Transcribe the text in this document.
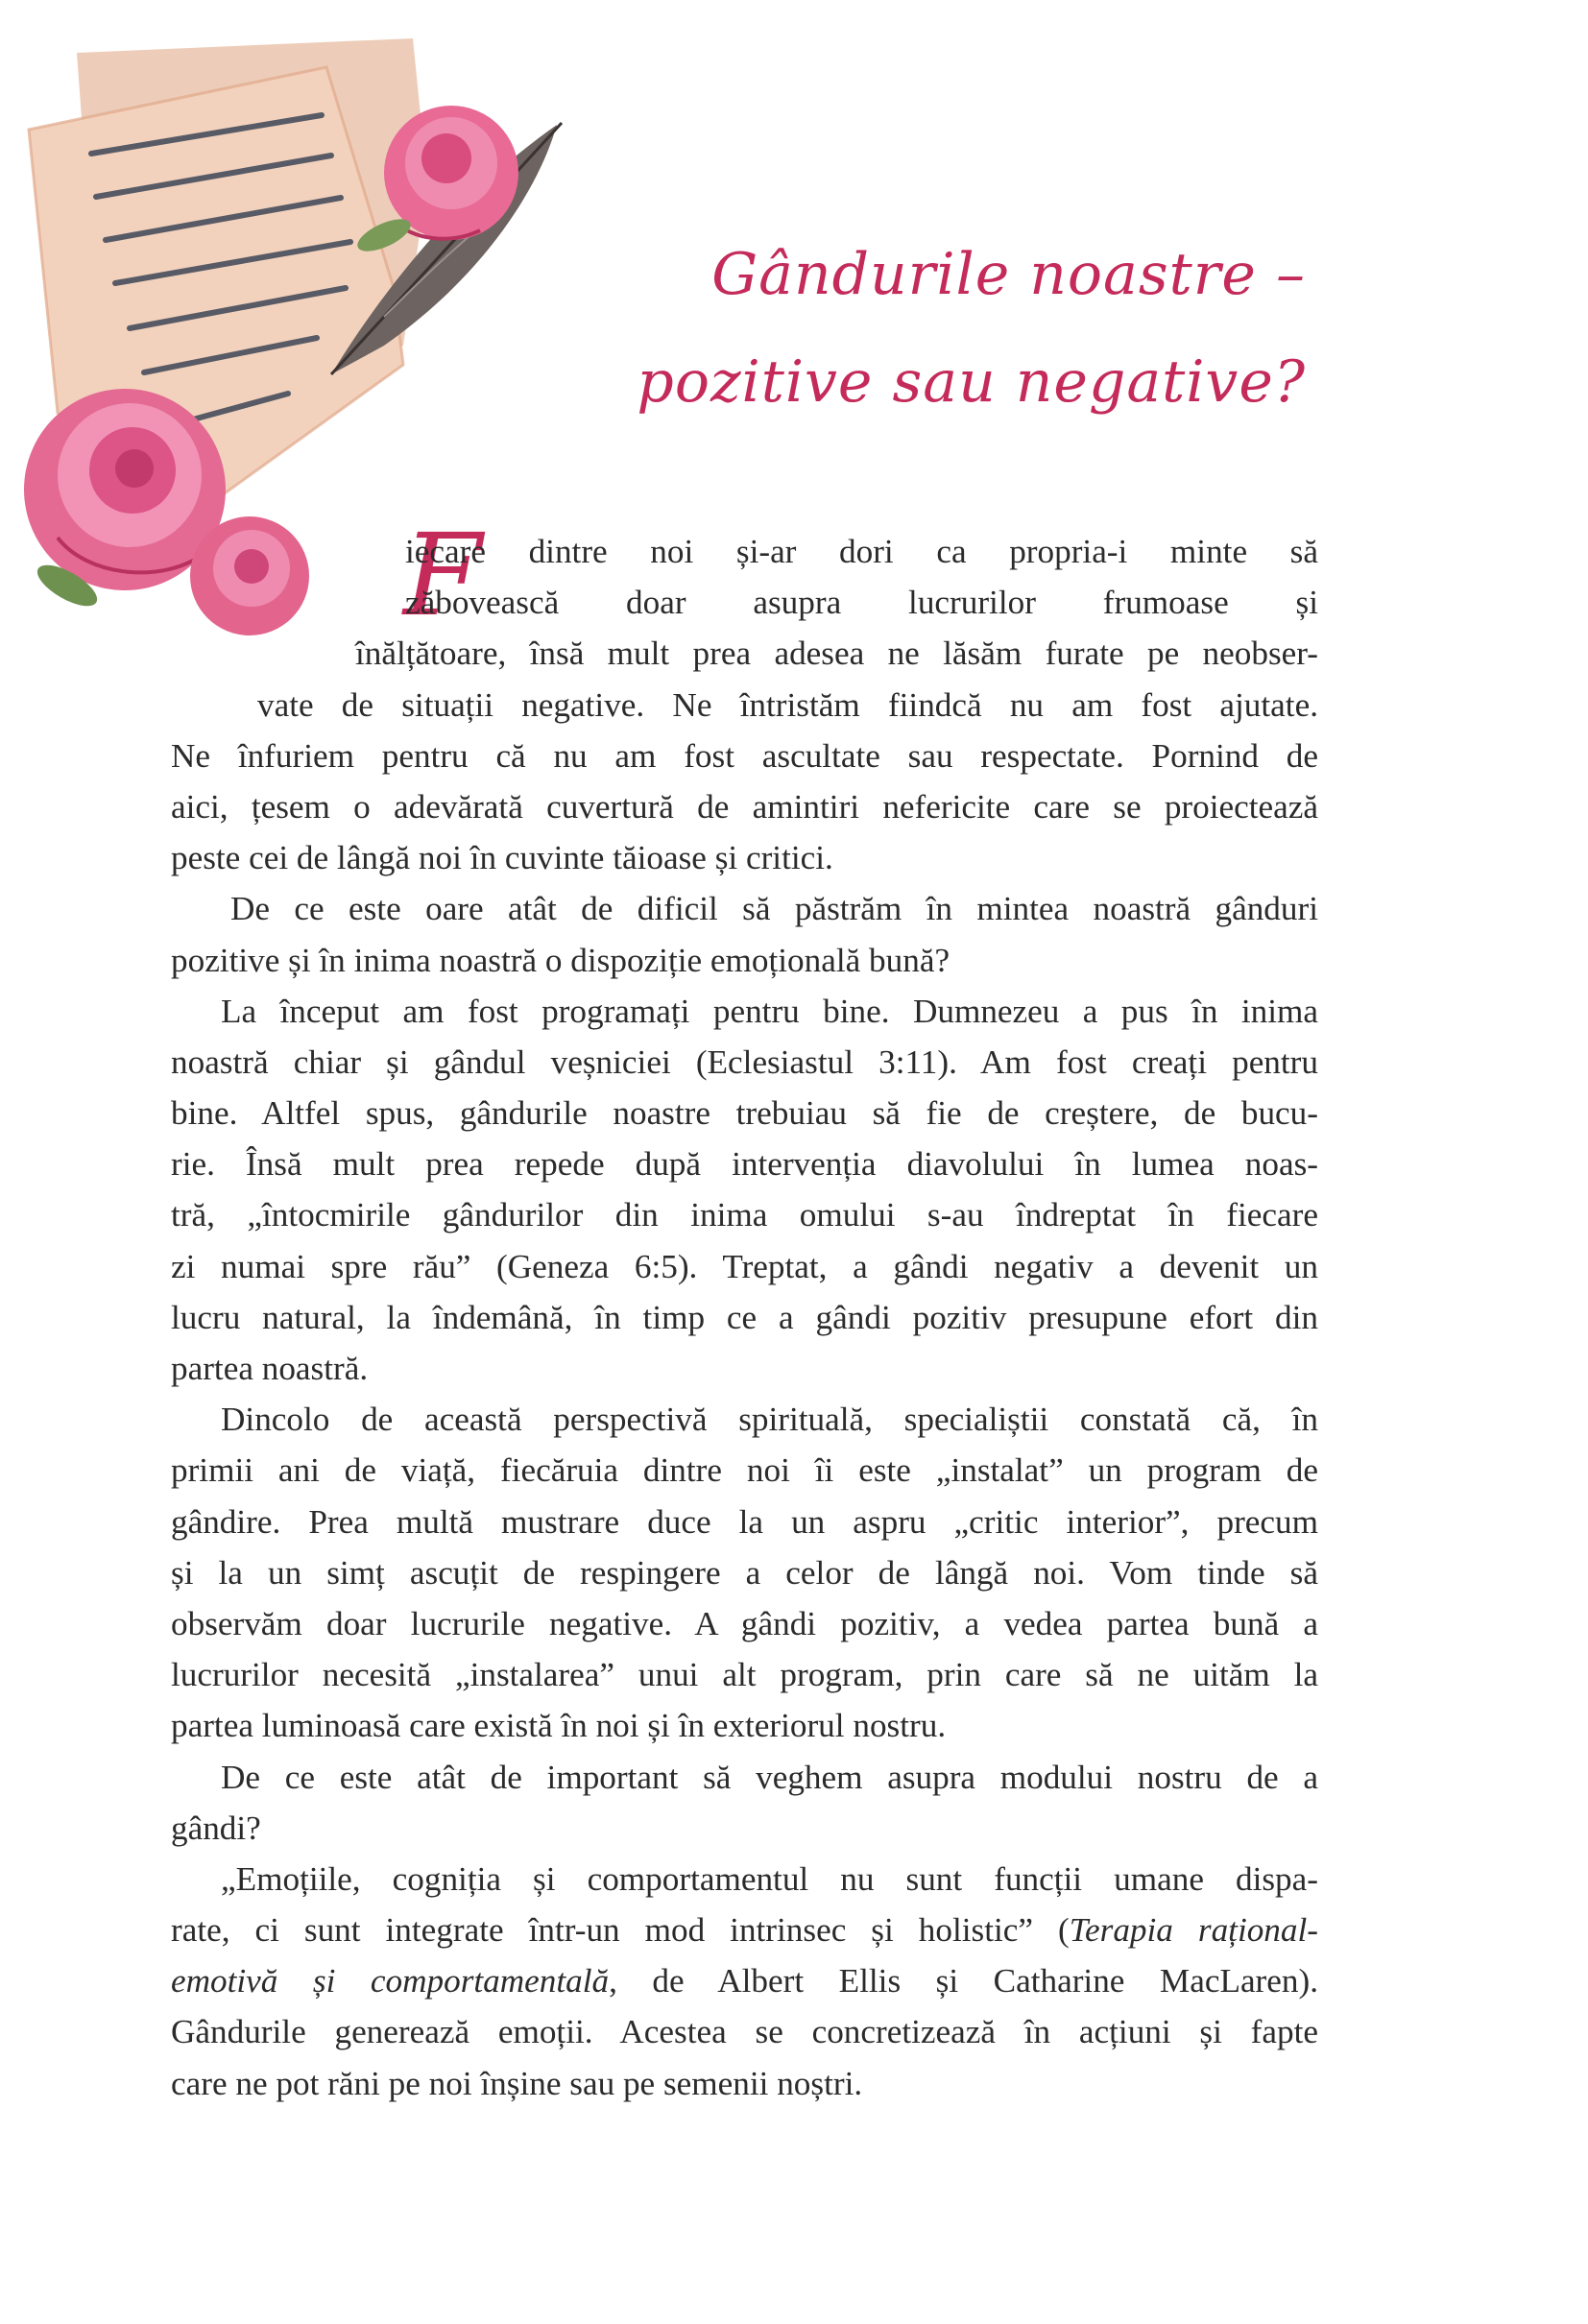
Gândurile noastre –
pozitive sau negative?
F
iecare dintre noi și-ar dori ca propria-i minte să
zăbovească doar asupra lucrurilor frumoase și
înălțătoare, însă mult prea adesea ne lăsăm furate pe neobser-
vate de situații negative. Ne întristăm fiindcă nu am fost ajutate.
Ne înfuriem pentru că nu am fost ascultate sau respectate. Pornind de
aici, țesem o adevărată cuvertură de amintiri nefericite care se proiectează
peste cei de lângă noi în cuvinte tăioase și critici.
De ce este oare atât de dificil să păstrăm în mintea noastră gânduri
pozitive și în inima noastră o dispoziție emoțională bună?
La început am fost programați pentru bine. Dumnezeu a pus în inima
noastră chiar și gândul veșniciei (Eclesiastul 3:11). Am fost creați pentru
bine. Altfel spus, gândurile noastre trebuiau să fie de creștere, de bucu-
rie. Însă mult prea repede după intervenția diavolului în lumea noas-
tră, „întocmirile gândurilor din inima omului s-au îndreptat în fiecare
zi numai spre rău” (Geneza 6:5). Treptat, a gândi negativ a devenit un
lucru natural, la îndemână, în timp ce a gândi pozitiv presupune efort din
partea noastră.
Dincolo de această perspectivă spirituală, specialiștii constată că, în
primii ani de viață, fiecăruia dintre noi îi este „instalat” un program de
gândire. Prea multă mustrare duce la un aspru „critic interior”, precum
și la un simț ascuțit de respingere a celor de lângă noi. Vom tinde să
observăm doar lucrurile negative. A gândi pozitiv, a vedea partea bună a
lucrurilor necesită „instalarea” unui alt program, prin care să ne uităm la
partea luminoasă care există în noi și în exteriorul nostru.
De ce este atât de important să veghem asupra modului nostru de a
gândi?
„Emoțiile, cogniția și comportamentul nu sunt funcții umane dispa-
rate, ci sunt integrate într-un mod intrinsec și holistic” (Terapia rațional-
emotivă și comportamentală, de Albert Ellis și Catharine MacLaren).
Gândurile generează emoții. Acestea se concretizează în acțiuni și fapte
care ne pot răni pe noi înșine sau pe semenii noștri.
